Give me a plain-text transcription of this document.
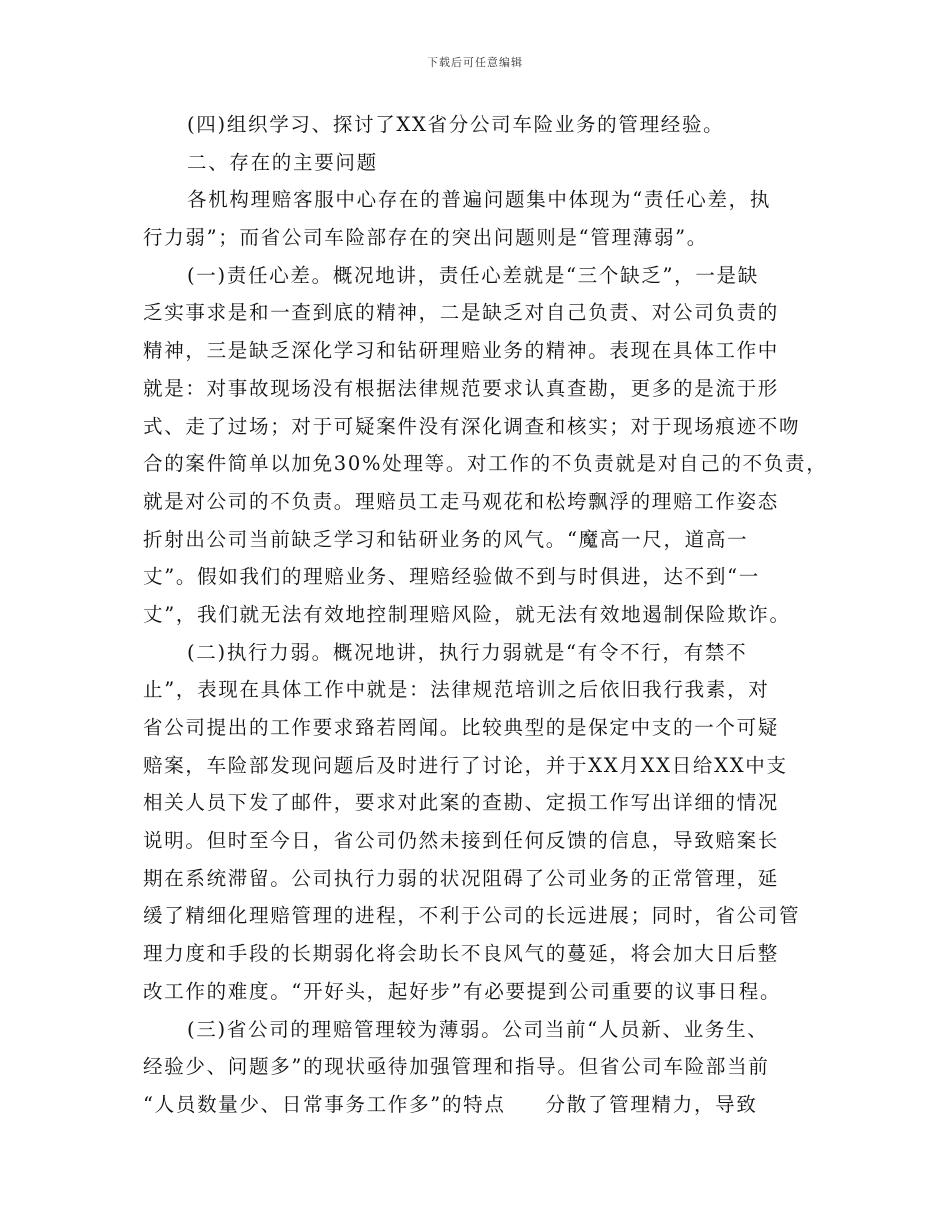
下载后可任意编辑
(四)组织学习、探讨了XX省分公司车险业务的管理经验。
二、存在的主要问题
各机构理赔客服中心存在的普遍问题集中体现为“责任心差，执
行力弱”；而省公司车险部存在的突出问题则是“管理薄弱”。
(一)责任心差。概况地讲，责任心差就是“三个缺乏”，一是缺
乏实事求是和一查到底的精神，二是缺乏对自己负责、对公司负责的
精神，三是缺乏深化学习和钻研理赔业务的精神。表现在具体工作中
就是：对事故现场没有根据法律规范要求认真查勘，更多的是流于形
式、走了过场；对于可疑案件没有深化调查和核实；对于现场痕迹不吻
合的案件简单以加免30%处理等。对工作的不负责就是对自己的不负责，
就是对公司的不负责。理赔员工走马观花和松垮飘浮的理赔工作姿态
折射出公司当前缺乏学习和钻研业务的风气。“魔高一尺，道高一
丈”。假如我们的理赔业务、理赔经验做不到与时俱进，达不到“一
丈”，我们就无法有效地控制理赔风险，就无法有效地遏制保险欺诈。
(二)执行力弱。概况地讲，执行力弱就是“有令不行，有禁不
止”，表现在具体工作中就是：法律规范培训之后依旧我行我素，对
省公司提出的工作要求臵若罔闻。比较典型的是保定中支的一个可疑
赔案，车险部发现问题后及时进行了讨论，并于XX月XX日给XX中支
相关人员下发了邮件，要求对此案的查勘、定损工作写出详细的情况
说明。但时至今日，省公司仍然未接到任何反馈的信息，导致赔案长
期在系统滞留。公司执行力弱的状况阻碍了公司业务的正常管理，延
缓了精细化理赔管理的进程，不利于公司的长远进展；同时，省公司管
理力度和手段的长期弱化将会助长不良风气的蔓延，将会加大日后整
改工作的难度。“开好头，起好步”有必要提到公司重要的议事日程。
(三)省公司的理赔管理较为薄弱。公司当前“人员新、业务生、
经验少、问题多”的现状亟待加强管理和指导。但省公司车险部当前
“人员数量少、日常事务工作多”的特点 分散了管理精力，导致
